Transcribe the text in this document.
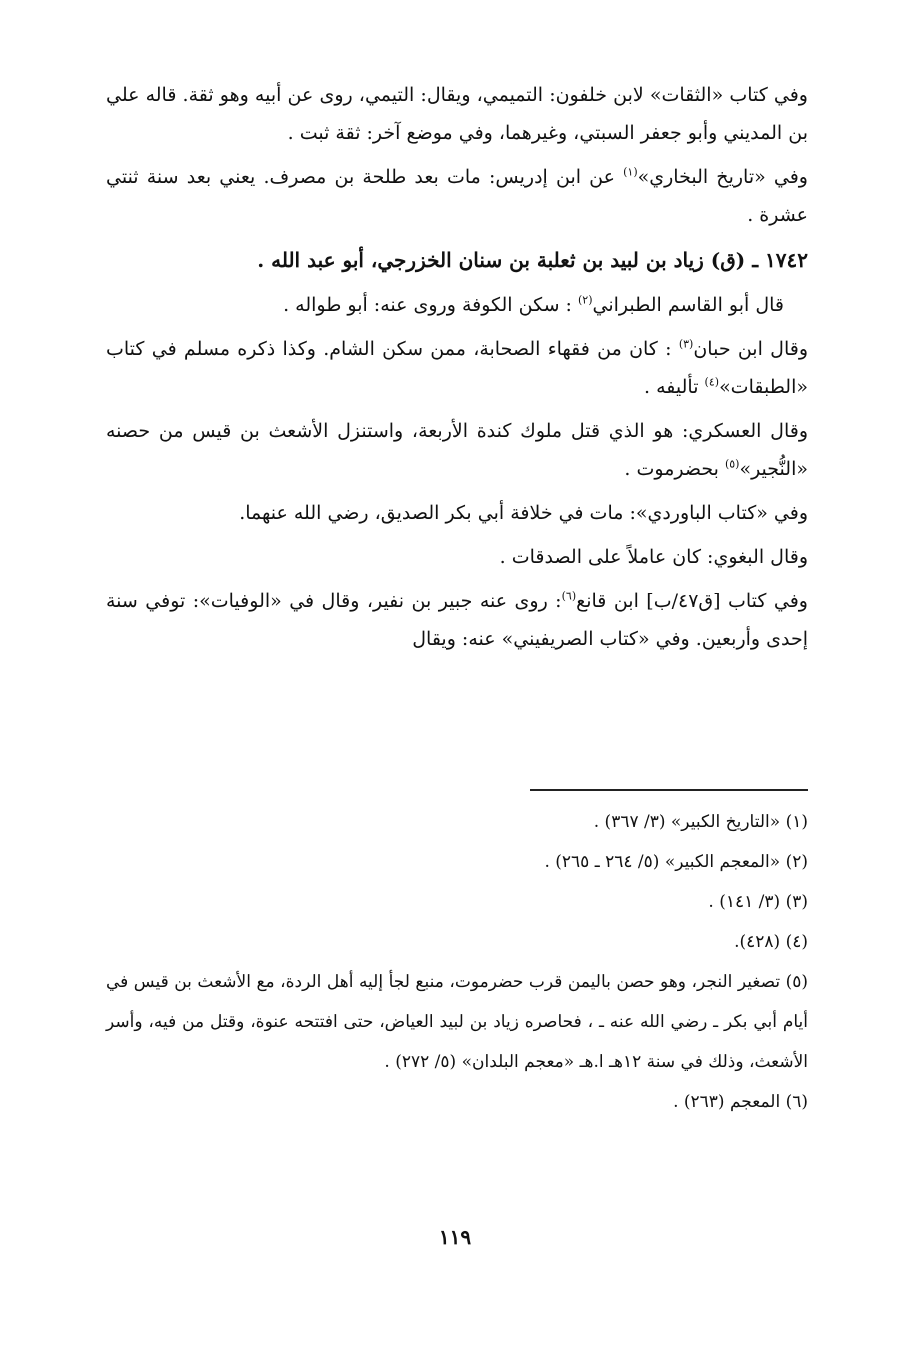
وفي كتاب «الثقات» لابن خلفون: التميمي، ويقال: التيمي، روى عن أبيه وهو ثقة. قاله علي بن المديني وأبو جعفر السبتي، وغيرهما، وفي موضع آخر: ثقة ثبت .

وفي «تاريخ البخاري»$^{(١)}$ عن ابن إدريس: مات بعد طلحة بن مصرف. يعني بعد سنة ثنتي عشرة .

١٧٤٢ ـ (ق) زياد بن لبيد بن ثعلبة بن سنان الخزرجي، أبو عبد الله .

قال أبو القاسم الطبراني$^{(٢)}$ : سكن الكوفة وروى عنه: أبو طواله .

وقال ابن حبان$^{(٣)}$ : كان من فقهاء الصحابة، ممن سكن الشام. وكذا ذكره مسلم في كتاب «الطبقات»$^{(٤)}$ تأليفه .

وقال العسكري: هو الذي قتل ملوك كندة الأربعة، واستنزل الأشعث بن قيس من حصنه «النُّجير»$^{(٥)}$ بحضرموت .

وفي «كتاب الباوردي»: مات في خلافة أبي بكر الصديق، رضي الله عنهما.

وقال البغوي: كان عاملاً على الصدقات .

وفي كتاب [ق٤٧/ب] ابن قانع$^{(٦)}$: روى عنه جبير بن نفير، وقال في «الوفيات»: توفي سنة إحدى وأربعين. وفي «كتاب الصريفيني» عنه: ويقال

(١) «التاريخ الكبير» (٣/ ٣٦٧) .

(٢) «المعجم الكبير» (٥/ ٢٦٤ ـ ٢٦٥) .

(٣) (٣/ ١٤١) .

(٤) (٤٢٨).

(٥) تصغير النجر، وهو حصن باليمن قرب حضرموت، منبع لجأ إليه أهل الردة، مع الأشعث بن قيس في أيام أبي بكر ـ رضي الله عنه ـ ، فحاصره زياد بن لبيد العياض، حتى افتتحه عنوة، وقتل من فيه، وأسر الأشعث، وذلك في سنة ١٢هـ ا.هـ «معجم البلدان» (٥/ ٢٧٢) .

(٦) المعجم (٢٦٣) .

١١٩
